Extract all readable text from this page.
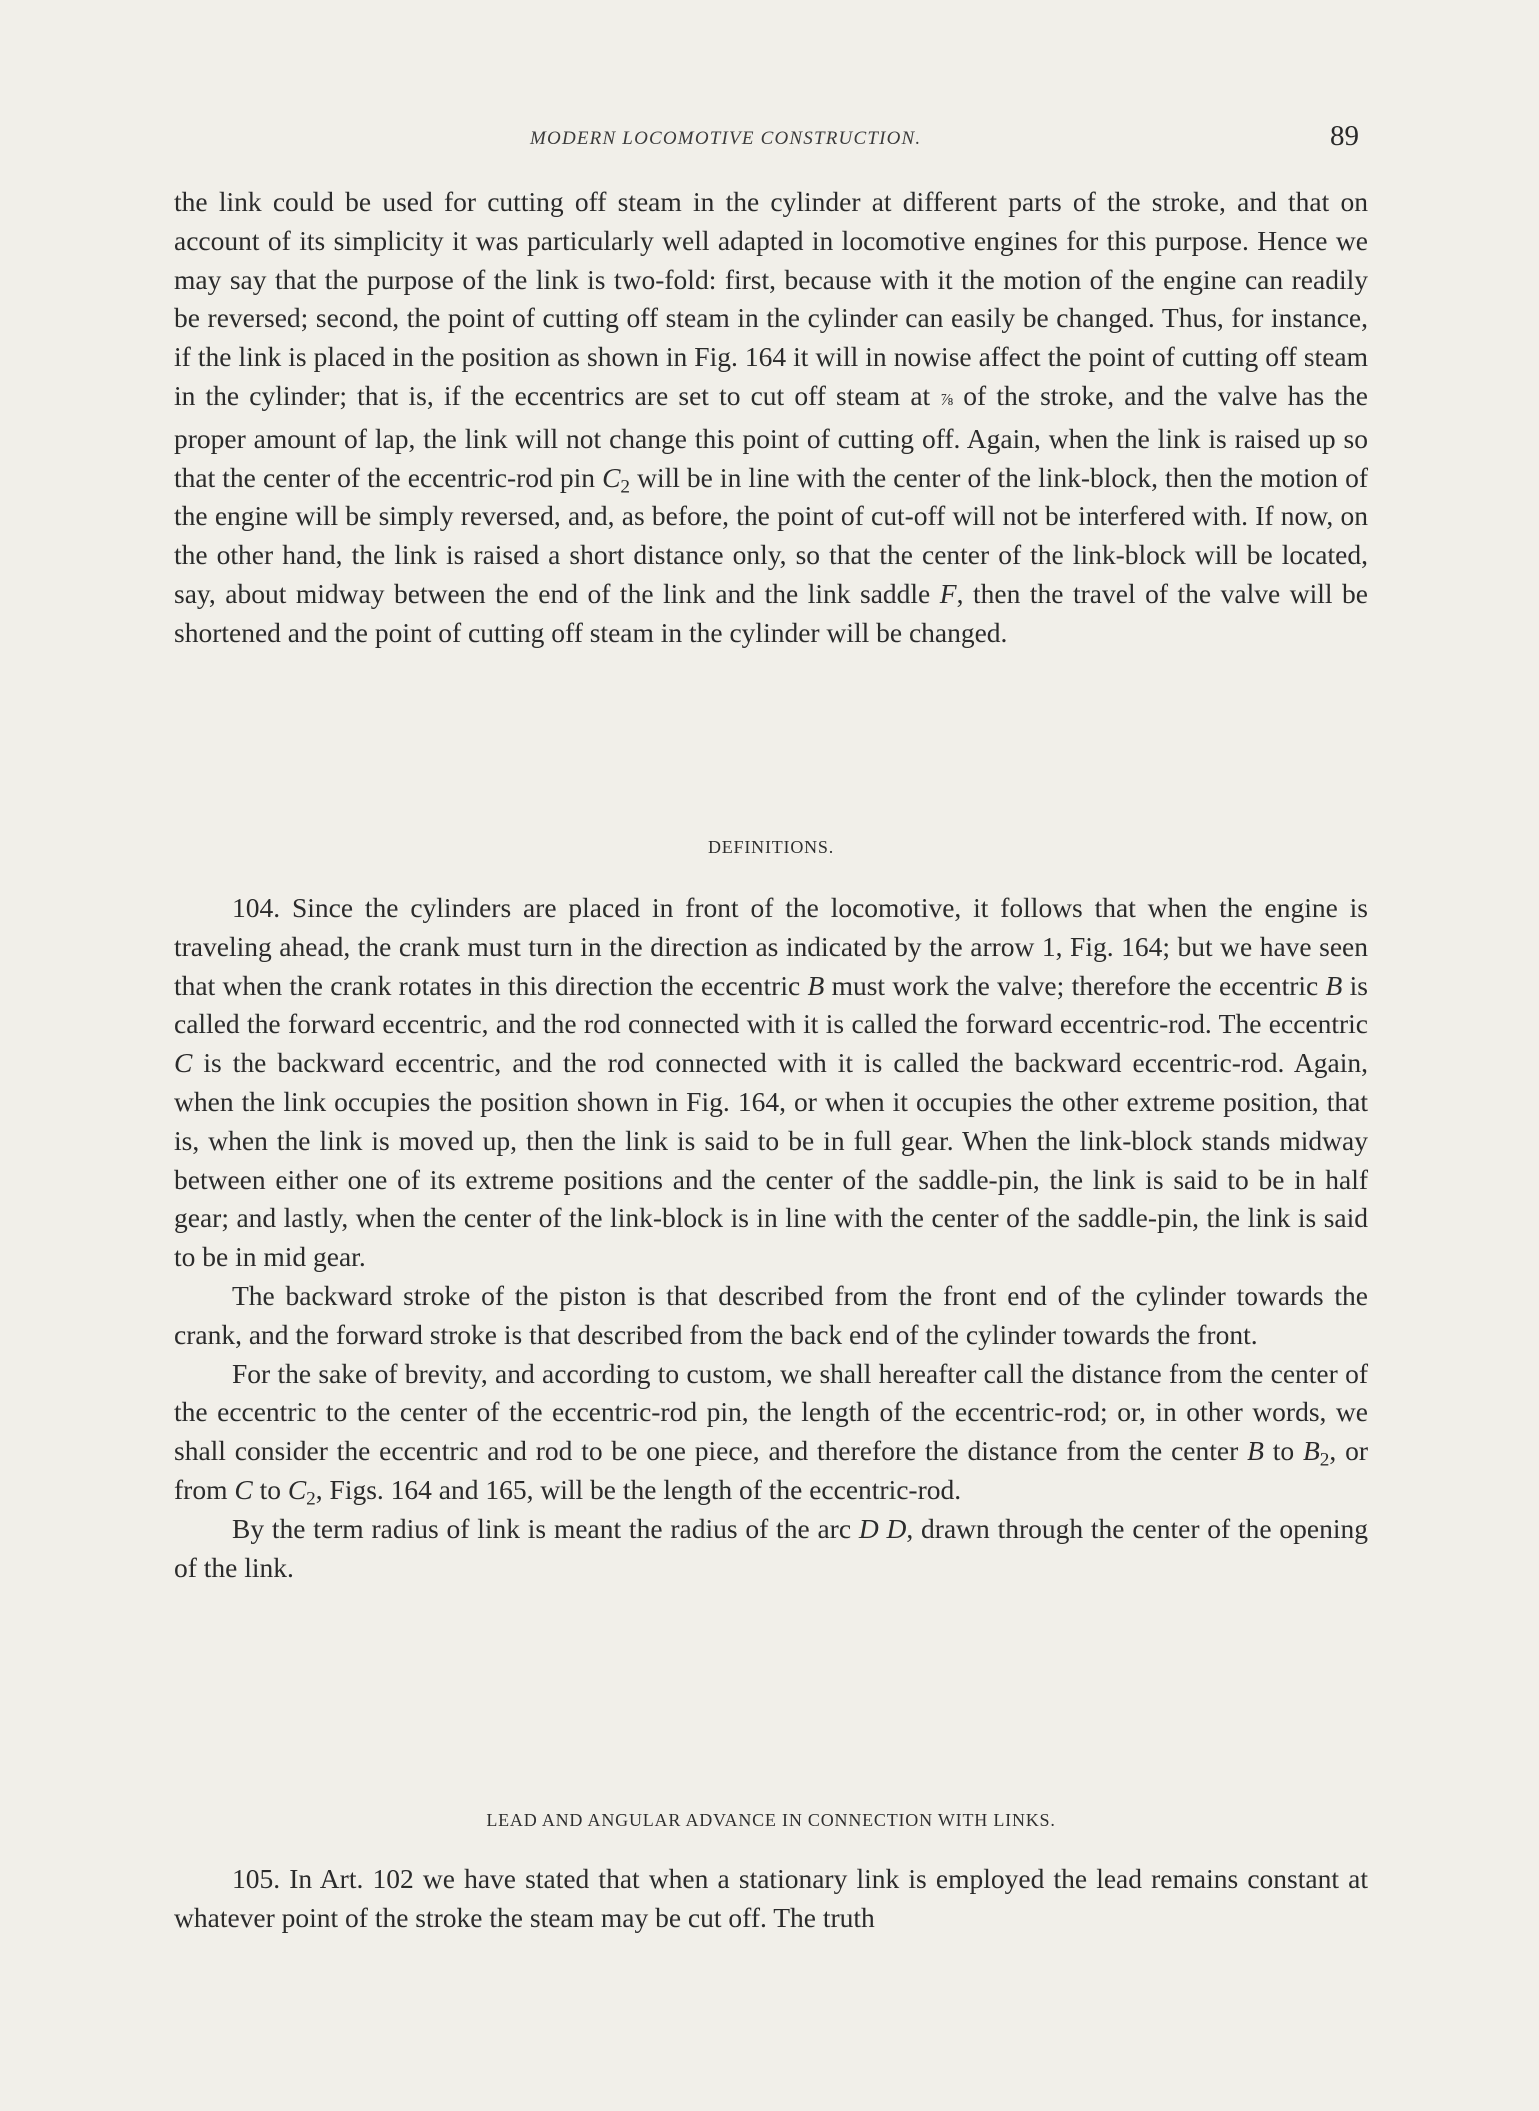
MODERN LOCOMOTIVE CONSTRUCTION.	89

the link could be used for cutting off steam in the cylinder at different parts of the stroke, and that on account of its simplicity it was particularly well adapted in locomotive engines for this purpose. Hence we may say that the purpose of the link is two-fold: first, because with it the motion of the engine can readily be reversed; second, the point of cutting off steam in the cylinder can easily be changed. Thus, for instance, if the link is placed in the position as shown in Fig. 164 it will in nowise affect the point of cutting off steam in the cylinder; that is, if the eccentrics are set to cut off steam at ⅞ of the stroke, and the valve has the proper amount of lap, the link will not change this point of cutting off. Again, when the link is raised up so that the center of the eccentric-rod pin $C_2$ will be in line with the center of the link-block, then the motion of the engine will be simply reversed, and, as before, the point of cut-off will not be interfered with. If now, on the other hand, the link is raised a short distance only, so that the center of the link-block will be located, say, about midway between the end of the link and the link saddle F, then the travel of the valve will be shortened and the point of cutting off steam in the cylinder will be changed.

DEFINITIONS.

104. Since the cylinders are placed in front of the locomotive, it follows that when the engine is traveling ahead, the crank must turn in the direction as indicated by the arrow 1, Fig. 164; but we have seen that when the crank rotates in this direction the eccentric B must work the valve; therefore the eccentric B is called the forward eccentric, and the rod connected with it is called the forward eccentric-rod. The eccentric C is the backward eccentric, and the rod connected with it is called the backward eccentric-rod. Again, when the link occupies the position shown in Fig. 164, or when it occupies the other extreme position, that is, when the link is moved up, then the link is said to be in full gear. When the link-block stands midway between either one of its extreme positions and the center of the saddle-pin, the link is said to be in half gear; and lastly, when the center of the link-block is in line with the center of the saddle-pin, the link is said to be in mid gear.

The backward stroke of the piston is that described from the front end of the cylinder towards the crank, and the forward stroke is that described from the back end of the cylinder towards the front.

For the sake of brevity, and according to custom, we shall hereafter call the distance from the center of the eccentric to the center of the eccentric-rod pin, the length of the eccentric-rod; or, in other words, we shall consider the eccentric and rod to be one piece, and therefore the distance from the center B to $B_2$, or from C to $C_2$, Figs. 164 and 165, will be the length of the eccentric-rod.

By the term radius of link is meant the radius of the arc D D, drawn through the center of the opening of the link.

LEAD AND ANGULAR ADVANCE IN CONNECTION WITH LINKS.

105. In Art. 102 we have stated that when a stationary link is employed the lead remains constant at whatever point of the stroke the steam may be cut off. The truth
